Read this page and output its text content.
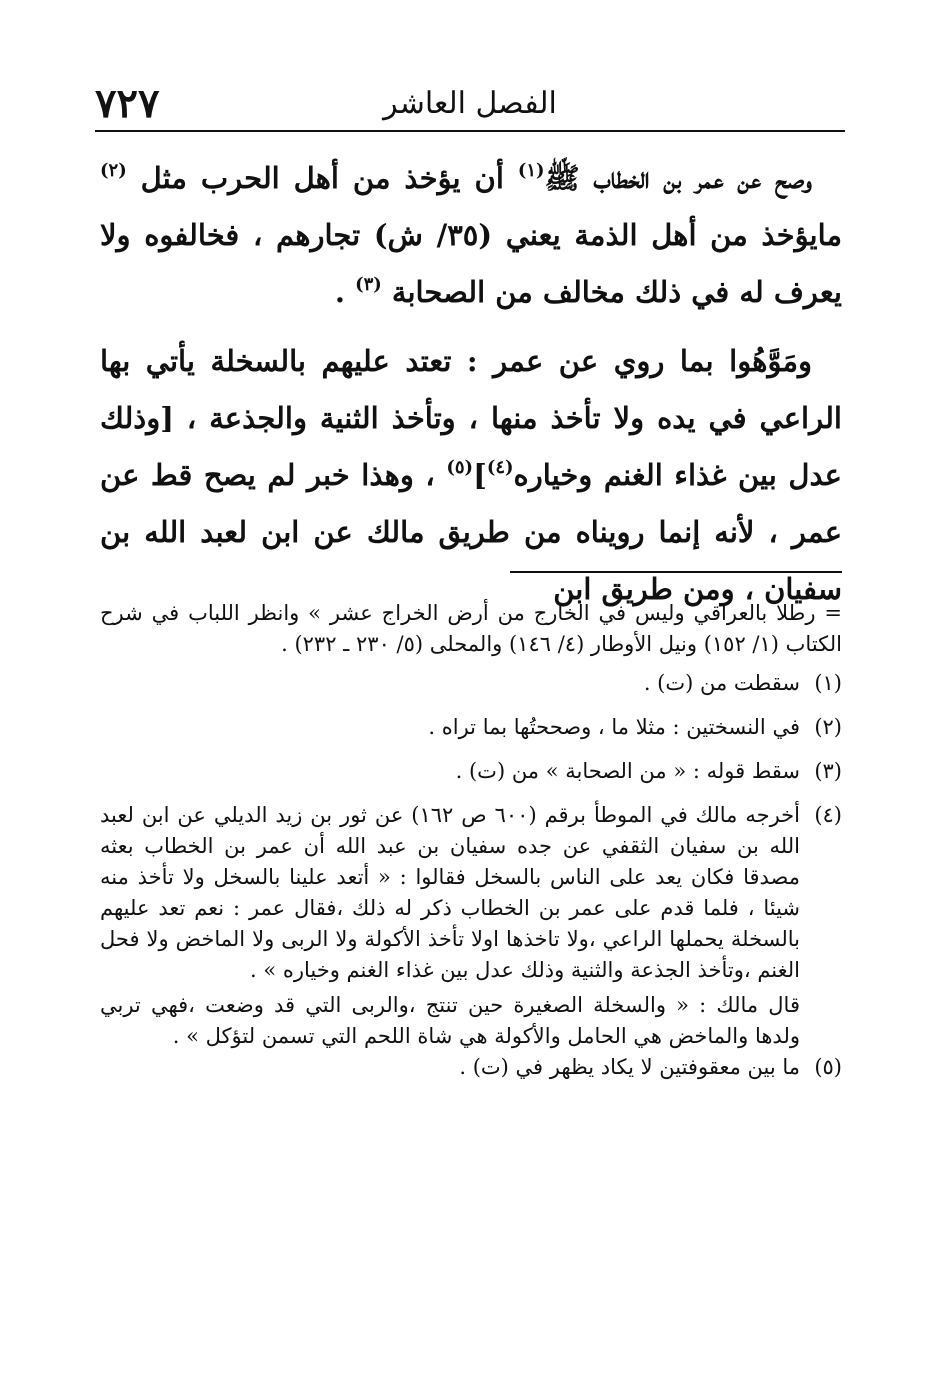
٧٢٧	الفصل العاشر

وصح عن عمر بن الخطاب ﷺ$^{(١)}$ أن يؤخذ من أهل الحرب مثل $^{(٢)}$ مايؤخذ من أهل الذمة يعني (٣٥/ ش) تجارهم ، فخالفوه ولا يعرف له في ذلك مخالف من الصحابة $^{(٣)}$ .

ومَوَّهُوا بما روي عن عمر : تعتد عليهم بالسخلة يأتي بها الراعي في يده ولا تأخذ منها ، وتأخذ الثنية والجذعة ، [وذلك عدل بين غذاء الغنم وخياره$^{(٤)}$]$^{(٥)}$ ، وهذا خبر لم يصح قط عن عمر ، لأنه إنما رويناه من طريق مالك عن ابن لعبد الله بن سفيان ، ومن طريق ابن

= رطلا بالعراقي وليس في الخارج من أرض الخراج عشر » وانظر اللباب في شرح الكتاب (١/ ١٥٢) ونيل الأوطار (٤/ ١٤٦) والمحلى (٥/ ٢٣٠ ـ ٢٣٢) .

(١)
سقطت من (ت) .
(٢)
في النسختين : مثلا ما ، وصححتُها بما تراه .
(٣)
سقط قوله : « من الصحابة » من (ت) .
(٤)
أخرجه مالك في الموطأ برقم (٦٠٠ ص ١٦٢) عن ثور بن زيد الديلي عن ابن لعبد الله بن سفيان الثقفي عن جده سفيان بن عبد الله أن عمر بن الخطاب بعثه مصدقا فكان يعد على الناس بالسخل فقالوا : « أتعد علينا بالسخل ولا تأخذ منه شيئا ، فلما قدم على عمر بن الخطاب ذكر له ذلك ،فقال عمر : نعم تعد عليهم بالسخلة يحملها الراعي ،ولا تاخذها اولا تأخذ الأكولة ولا الربى ولا الماخض ولا فحل الغنم ،وتأخذ الجذعة والثنية وذلك عدل بين غذاء الغنم وخياره » .

قال مالك : « والسخلة الصغيرة حين تنتج ،والربى التي قد وضعت ،فهي تربي ولدها والماخض هي الحامل والأكولة هي شاة اللحم التي تسمن لتؤكل » .

(٥)
ما بين معقوفتين لا يكاد يظهر في (ت) .
